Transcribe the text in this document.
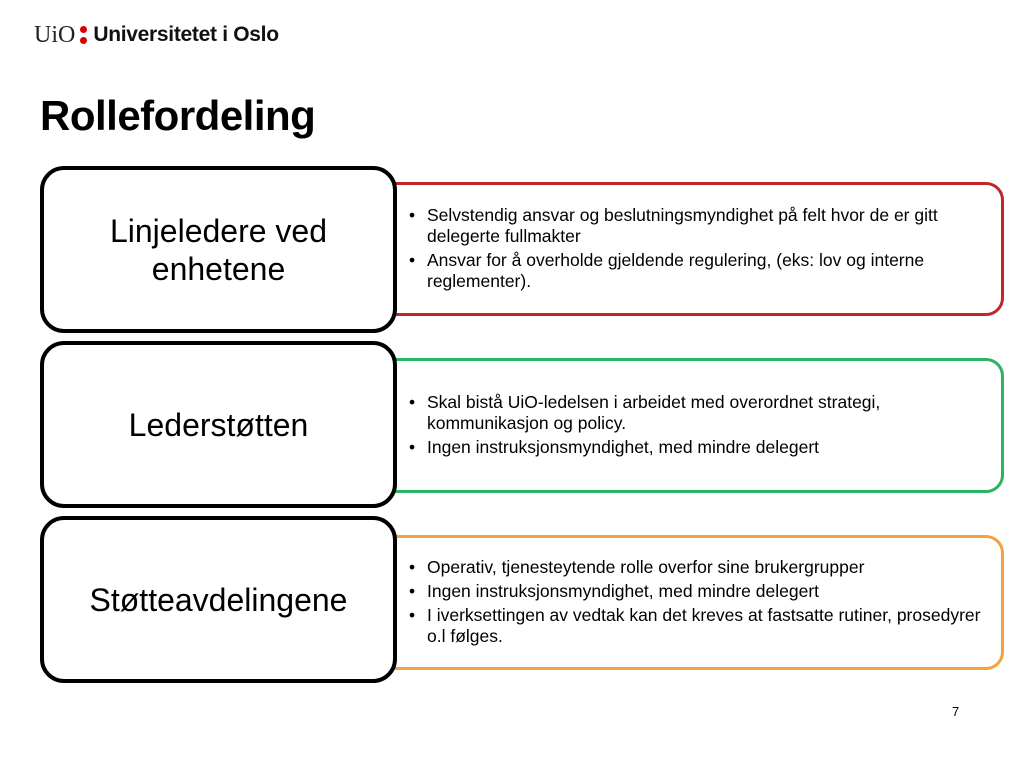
UiO Universitetet i Oslo
Rollefordeling
• Selvstendig ansvar og beslutningsmyndighet på felt hvor de er gitt delegerte fullmakter
• Ansvar for å overholde gjeldende regulering, (eks: lov og interne reglementer).
Linjeledere ved enhetene
• Skal bistå UiO-ledelsen i arbeidet med overordnet strategi, kommunikasjon og policy.
• Ingen instruksjonsmyndighet, med mindre delegert
Lederstøtten
• Operativ, tjenesteytende rolle overfor sine brukergrupper
• Ingen instruksjonsmyndighet, med mindre delegert
• I iverksettingen av vedtak kan det kreves at fastsatte rutiner, prosedyrer o.l følges.
Støtteavdelingene
7
